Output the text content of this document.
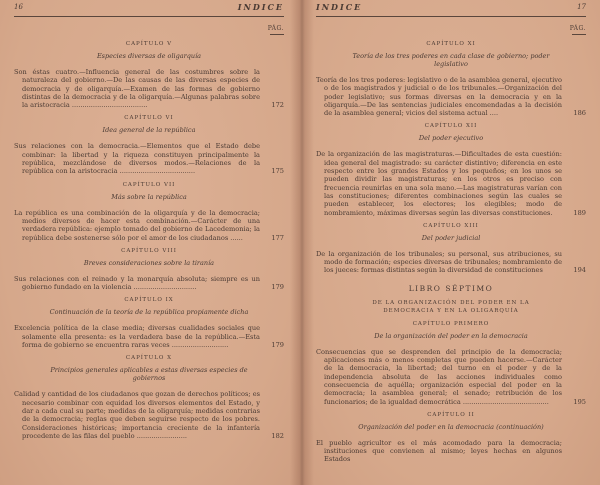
16	INDICE
PÁG.
CAPÍTULO V
Especies diversas de oligarquía
Son éstas cuatro.—Influencia general de las costumbres sobre la naturaleza del gobierno.—De las causas de las diversas especies de democracia y de oligarquía.—Examen de las formas de gobierno distintas de la democracia y de la oligarquía.—Algunas palabras sobre la aristocracia ....................................	172
CAPÍTULO VI
Idea general de la república
Sus relaciones con la democracia.—Elementos que el Estado debe combinar: la libertad y la riqueza constituyen principalmente la república, mezclándose de diversos modos.—Relaciones de la república con la aristocracia ....................................	175
CAPÍTULO VII
Más sobre la república
La república es una combinación de la oligarquía y de la democracia; medios diversos de hacer esta combinación.—Carácter de una verdadera república: ejemplo tomado del gobierno de Lacedemonia; la república debe sostenerse sólo por el amor de los ciudadanos ......	177
CAPÍTULO VIII
Breves consideraciones sobre la tiranía
Sus relaciones con el reinado y la monarquía absoluta; siempre es un gobierno fundado en la violencia ..............................	179
CAPÍTULO IX
Continuación de la teoría de la república propiamente dicha
Excelencia política de la clase media; diversas cualidades sociales que solamente ella presenta: es la verdadera base de la república.—Esta forma de gobierno se encuentra raras veces ...........................	179
CAPÍTULO X
Principios generales aplicables a estas diversas especies de gobiernos
Calidad y cantidad de los ciudadanos que gozan de derechos políticos; es necesario combinar con equidad los diversos elementos del Estado, y dar a cada cual su parte; medidas de la oligarquía; medidas contrarias de la democracia; reglas que deben seguirse respecto de los pobres. Consideraciones históricas; importancia creciente de la infantería procedente de las filas del pueblo ........................	182
INDICE	17
PÁG.
CAPÍTULO XI
Teoría de los tres poderes en cada clase de gobierno; poder legislativo
Teoría de los tres poderes: legislativo o de la asamblea general, ejecutivo o de los magistrados y judicial o de los tribunales.—Organización del poder legislativo; sus formas diversas en la democracia y en la oligarquía.—De las sentencias judiciales encomendadas a la decisión de la asamblea general; vicios del sistema actual ....	186
CAPÍTULO XII
Del poder ejecutivo
De la organización de las magistraturas.—Dificultades de esta cuestión: idea general del magistrado: su carácter distintivo; diferencia en este respecto entre los grandes Estados y los pequeños; en los unos se pueden dividir las magistraturas; en los otros es preciso con frecuencia reunirlas en una sola mano.—Las magistraturas varían con las constituciones; diferentes combinaciones según las cuales se pueden establecer, los electores; los elegibles; modo de nombramiento, máximas diversas según las diversas constituciones.	189
CAPÍTULO XIII
Del poder judicial
De la organización de los tribunales; su personal, sus atribuciones, su modo de formación; especies diversas de tribunales; nombramiento de los jueces: formas distintas según la diversidad de constituciones	194
LIBRO SÉPTIMO
DE LA ORGANIZACIÓN DEL PODER EN LA DEMOCRACIA Y EN LA OLIGARQUÍA
CAPÍTULO PRIMERO
De la organización del poder en la democracia
Consecuencias que se desprenden del principio de la democracia; aplicaciones más o menos completas que pueden hacerse.—Carácter de la democracia, la libertad; del turno en el poder y de la independencia absoluta de las acciones individuales como consecuencia de aquélla; organización especial del poder en la democracia; la asamblea general; el senado; retribución de los funcionarios; de la igualdad democrática .........................................	195
CAPÍTULO II
Organización del poder en la democracia (continuación)
El pueblo agricultor es el más acomodado para la democracia; instituciones que convienen al mismo; leyes hechas en algunos Estados
